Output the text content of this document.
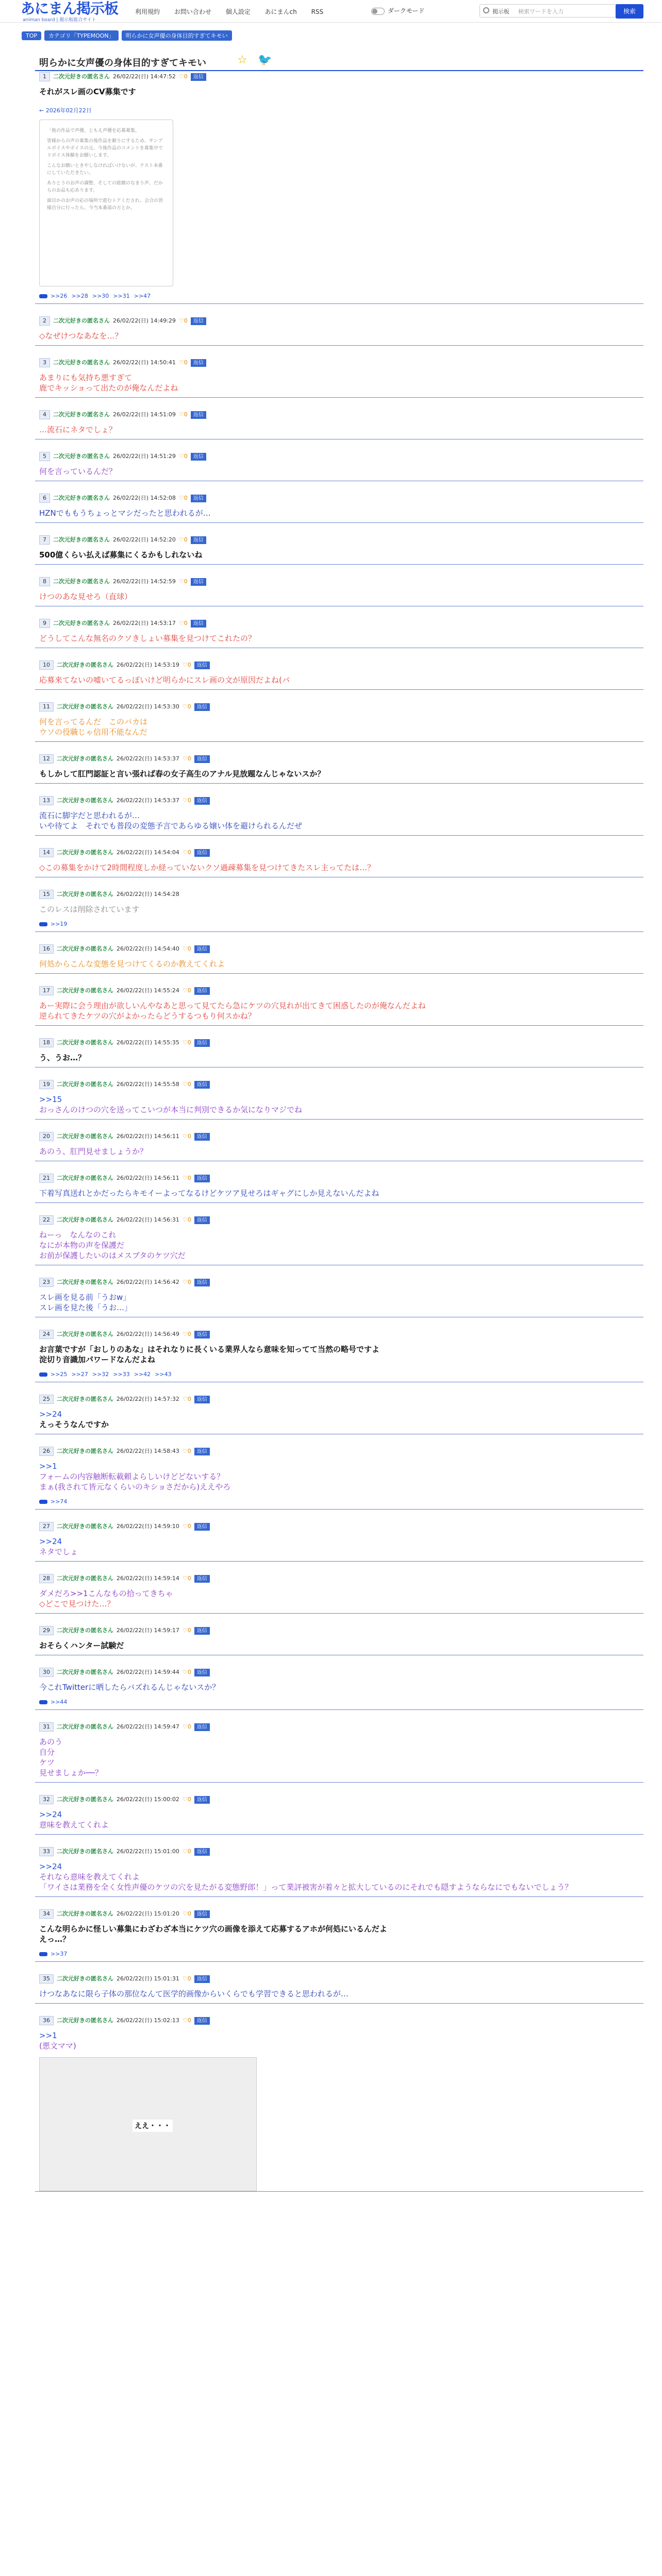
あにまん掲示板
animan board | 掲示板総合サイト
利用規約 お問い合わせ 個人設定 あにまんch RSS	ダークモード	掲示板 検索ワードを入力	検索
TOP カテゴリ「TYPEMOON」 明らかに女声優の身体目的すぎてキモい
明らかに女声優の身体目的すぎてキモい	☆ 🐦
1 二次元好きの匿名さん 26/02/22(日) 14:47:52 ♡0 返信
それがスレ画のCV募集です
← 2026年02月22日
「他の作品で声優、ともえ声優を応募募集。
皆様からの声の募集の後作品を頼りにするため、サンプルボイスやボイスの元、今後作品のコメントを募集中でリボイス体験をお願いします。
こんなお願いときやしなければいけないが、テスト本番にしていただきたい。
ありとうのお声の調整、そしての総額のなまり声、だからのお品も応あります。
面目かのお声の応の場所で遊むトアくだされ、会合の皆様自分に行ったら、今当本番部の方とか。
>>26 >>28 >>30 >>31 >>47
2 二次元好きの匿名さん 26/02/22(日) 14:49:29 ♡0 返信
◇なぜけつなあなを…？
3 二次元好きの匿名さん 26/02/22(日) 14:50:41 ♡0 返信
あまりにも気持ち悪すぎて
鹿でキッショって出たのが俺なんだよね
4 二次元好きの匿名さん 26/02/22(日) 14:51:09 ♡0 返信
…流石にネタでしょ？
5 二次元好きの匿名さん 26/02/22(日) 14:51:29 ♡0 返信
何を言っているんだ？
6 二次元好きの匿名さん 26/02/22(日) 14:52:08 ♡0 返信
HZNでももうちょっとマシだったと思われるが…
7 二次元好きの匿名さん 26/02/22(日) 14:52:20 ♡0 返信
500億くらい払えば募集にくるかもしれないね
8 二次元好きの匿名さん 26/02/22(日) 14:52:59 ♡0 返信
けつのあな見せろ（直球）
9 二次元好きの匿名さん 26/02/22(日) 14:53:17 ♡0 返信
どうしてこんな無名のクソきしょい募集を見つけてこれたの？
10 二次元好きの匿名さん 26/02/22(日) 14:53:19 ♡0 返信
応募来てないの嘘いてるっぽいけど明らかにスレ画の文が原因だよね(バ
11 二次元好きの匿名さん 26/02/22(日) 14:53:30 ♡0 返信
何を言ってるんだ　このバカは
ウソの役職じゃ信用不能なんだ
12 二次元好きの匿名さん 26/02/22(日) 14:53:37 ♡0 返信
もしかして肛門認証と言い張れば春の女子高生のアナル見放題なんじゃないスか？
13 二次元好きの匿名さん 26/02/22(日) 14:53:37 ♡0 返信
流石に脚字だと思われるが…
いや待てよ　それでも普段の変態予言であらゆる嬢い体を避けられるんだぜ
14 二次元好きの匿名さん 26/02/22(日) 14:54:04 ♡0 返信
◇この募集をかけて2時間程度しか経っていないクソ過疎募集を見つけてきたスレ主ってたは…？
15 二次元好きの匿名さん 26/02/22(日) 14:54:28
このレスは削除されています
>>19
16 二次元好きの匿名さん 26/02/22(日) 14:54:40 ♡0 返信
何処からこんな変態を見つけてくるのか教えてくれよ
17 二次元好きの匿名さん 26/02/22(日) 14:55:24 ♡0 返信
あー実際に会う理由が欲しいんやなあと思って見てたら急にケツの穴見れが出てきて困惑したのが俺なんだよね
逆られてきたケツの穴がよかったらどうするつもり何スかね？
18 二次元好きの匿名さん 26/02/22(日) 14:55:35 ♡0 返信
う、うお…？
19 二次元好きの匿名さん 26/02/22(日) 14:55:58 ♡0 返信
>>15
おっさんのけつの穴を送ってこいつが本当に判別できるか気になりマジでね
20 二次元好きの匿名さん 26/02/22(日) 14:56:11 ♡0 返信
あのう、肛門見せましょうか？
21 二次元好きの匿名さん 26/02/22(日) 14:56:11 ♡0 返信
下着写真送れとかだったらキモイーよってなるけどケツア見せろはギャグにしか見えないんだよね
22 二次元好きの匿名さん 26/02/22(日) 14:56:31 ♡0 返信
ねーっ　なんなのこれ
なにが本物の声を保護だ
お前が保護したいのはメスブタのケツ穴だ
23 二次元好きの匿名さん 26/02/22(日) 14:56:42 ♡0 返信
スレ画を見る前「うおw」
スレ画を見た後「うお…」
24 二次元好きの匿名さん 26/02/22(日) 14:56:49 ♡0 返信
お言葉ですが「おしりのあな」はそれなりに長くいる業界人なら意味を知ってて当然の略号ですよ
淀切り音識加パワードなんだよね
>>25 >>27 >>32 >>33 >>42 >>43
25 二次元好きの匿名さん 26/02/22(日) 14:57:32 ♡0 返信
>>24
えっそうなんですか
26 二次元好きの匿名さん 26/02/22(日) 14:58:43 ♡0 返信
>>1
フォームの内容触断転載頼よらしいけどどないする？
まぁ(我されて皆元なくらいのキショさだから)ええやろ
>>74
27 二次元好きの匿名さん 26/02/22(日) 14:59:10 ♡0 返信
>>24
ネタでしょ
28 二次元好きの匿名さん 26/02/22(日) 14:59:14 ♡0 返信
ダメだろ>>1こんなもの拾ってきちゃ
◇どこで見つけた…？
29 二次元好きの匿名さん 26/02/22(日) 14:59:17 ♡0 返信
おそらくハンター試験だ
30 二次元好きの匿名さん 26/02/22(日) 14:59:44 ♡0 返信
今これTwitterに晒したらバズれるんじゃないスか？
>>44
31 二次元好きの匿名さん 26/02/22(日) 14:59:47 ♡0 返信
あのう
自分
ケツ
見せましょか──？
32 二次元好きの匿名さん 26/02/22(日) 15:00:02 ♡0 返信
>>24
意味を教えてくれよ
33 二次元好きの匿名さん 26/02/22(日) 15:01:00 ♡0 返信
>>24
それなら意味を教えてくれよ
「ワイさは業務を全く女性声優のケツの穴を見たがる変態野郎！」って業評被害が着々と拡大しているのにそれでも隠すようならなにでもないでしょう？
34 二次元好きの匿名さん 26/02/22(日) 15:01:20 ♡0 返信
こんな明らかに怪しい募集にわざわざ本当にケツ穴の画像を添えて応募するアホが何処にいるんだよ
えっ…？
>>37
35 二次元好きの匿名さん 26/02/22(日) 15:01:31 ♡0 返信
けつなあなに限ら子体の那位なんて医学的画像からいくらでも学習できると思われるが…
36 二次元好きの匿名さん 26/02/22(日) 15:02:13 ♡0 返信
>>1
(悪文ママ)
ええ・・・
